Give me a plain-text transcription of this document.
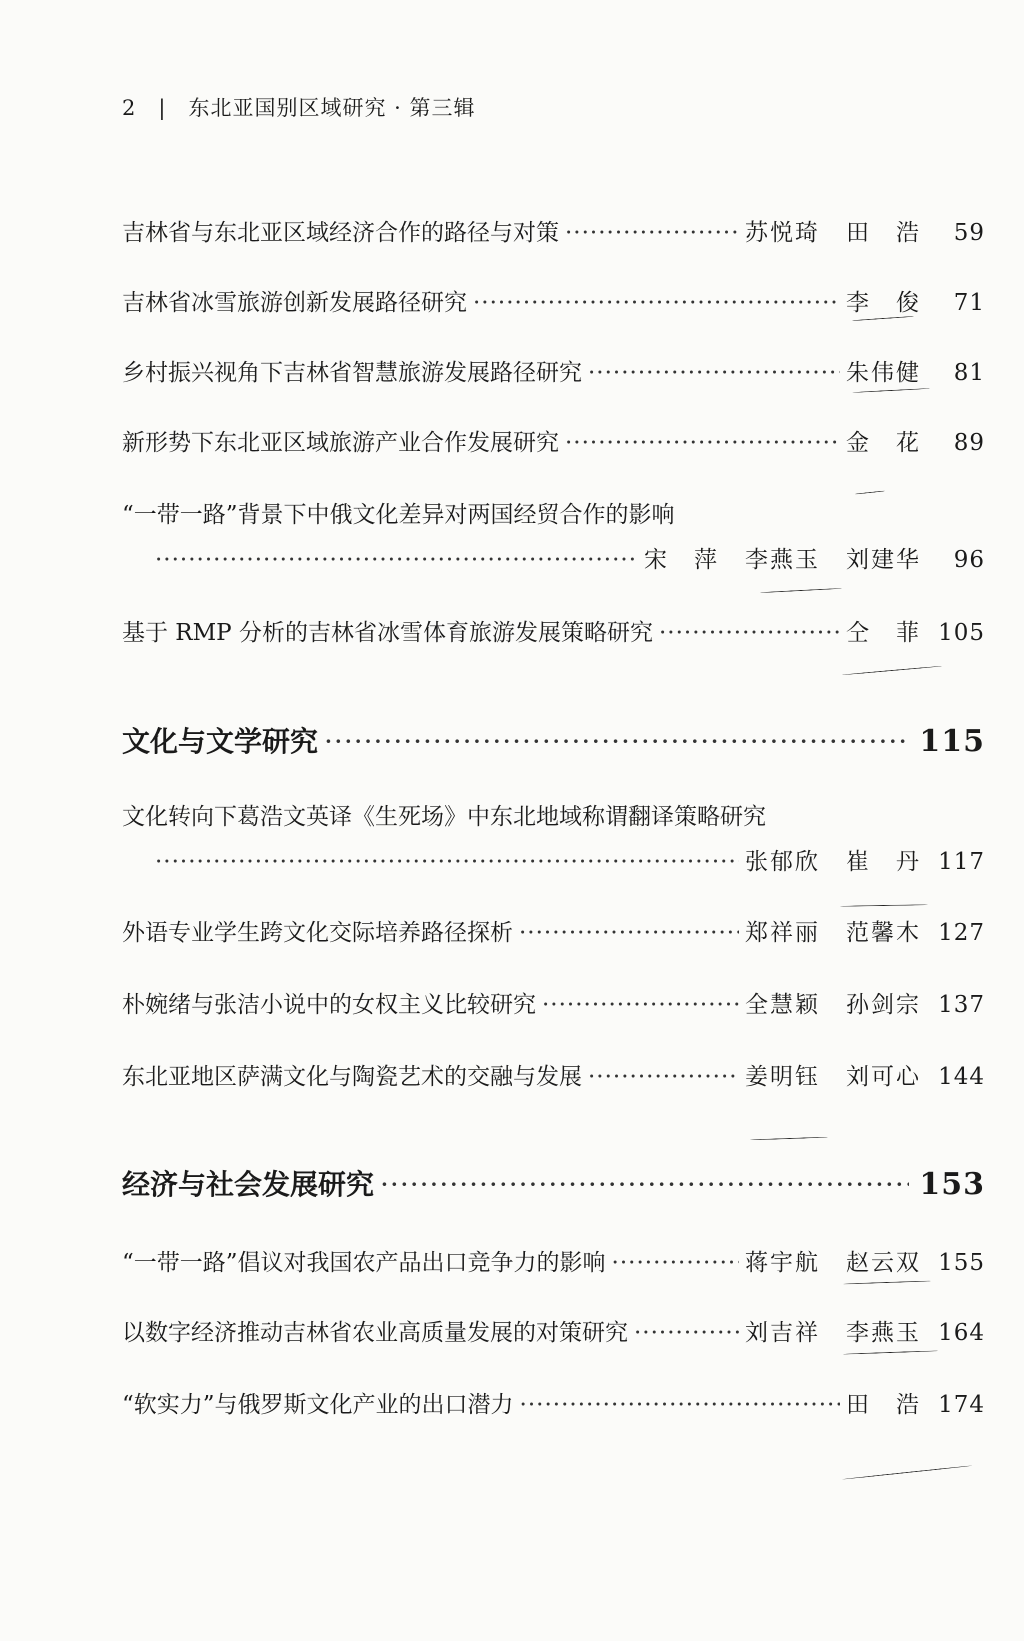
2 | 东北亚国别区域研究 · 第三辑
吉林省与东北亚区域经济合作的路径与对策 ·····	苏悦琦 田　浩	59
吉林省冰雪旅游创新发展路径研究 ·····	李　俊	71
乡村振兴视角下吉林省智慧旅游发展路径研究 ·····	朱伟健	81
新形势下东北亚区域旅游产业合作发展研究 ·····	金　花	89
“一带一路”背景下中俄文化差异对两国经贸合作的影响
·····
宋　萍 李燕玉 刘建华	96
基于 RMP 分析的吉林省冰雪体育旅游发展策略研究 ·····	仝　菲 105
文化与文学研究 ·····	115
文化转向下葛浩文英译《生死场》中东北地域称谓翻译策略研究
·····
张郁欣 崔　丹 117
外语专业学生跨文化交际培养路径探析 ·····	郑祥丽 范馨木 127
朴婉绪与张洁小说中的女权主义比较研究 ·····	全慧颖 孙剑宗 137
东北亚地区萨满文化与陶瓷艺术的交融与发展 ·····	姜明钰 刘可心 144
经济与社会发展研究 ·····	153
“一带一路”倡议对我国农产品出口竞争力的影响 ·····	蒋宇航 赵云双 155
以数字经济推动吉林省农业高质量发展的对策研究 ·····	刘吉祥 李燕玉 164
“软实力”与俄罗斯文化产业的出口潜力 ·····	田　浩 174
